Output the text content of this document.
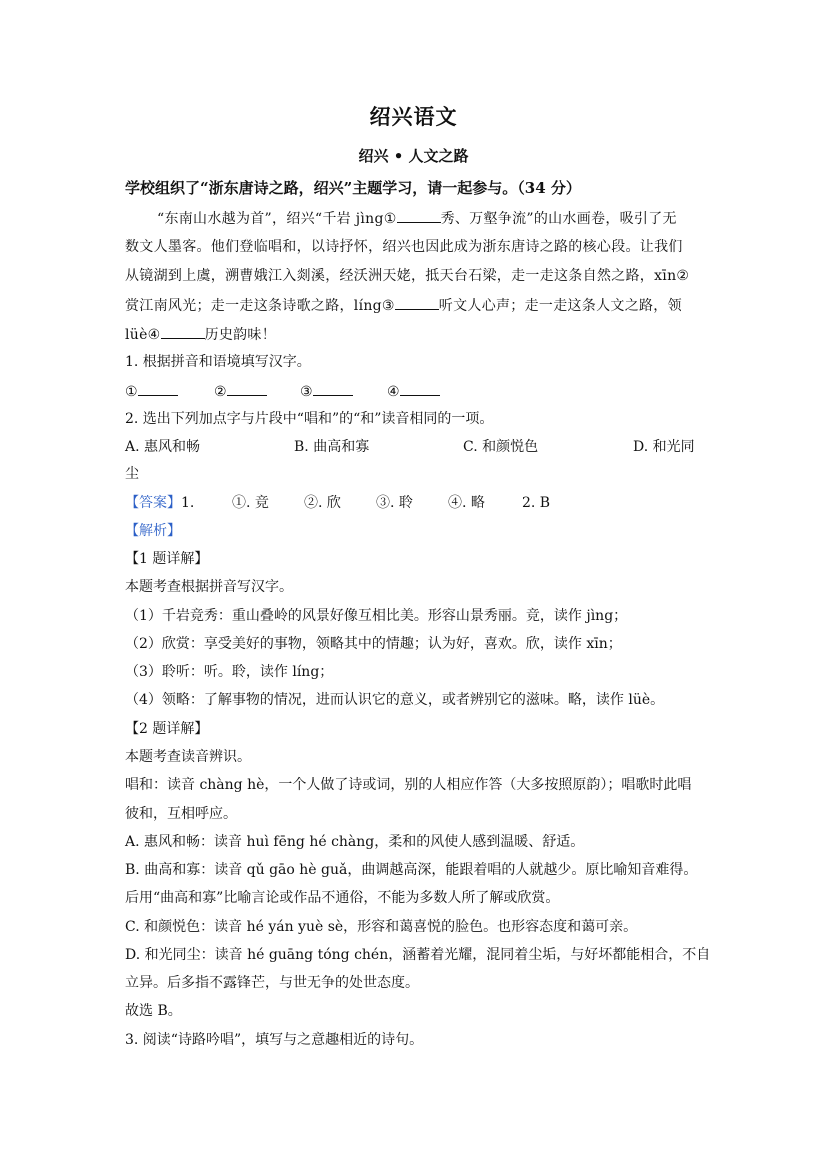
绍兴语文
绍兴 • 人文之路
学校组织了“浙东唐诗之路，绍兴”主题学习，请一起参与。（34 分）
“东南山水越为首”，绍兴“千岩 jìng①	秀、万壑争流”的山水画卷，吸引了无
数文人墨客。他们登临唱和，以诗抒怀，绍兴也因此成为浙东唐诗之路的核心段。让我们
从镜湖到上虞，溯曹娥江入剡溪，经沃洲天姥，抵天台石梁，走一走这条自然之路，xīn②
赏江南风光；走一走这条诗歌之路，líng③	听文人心声；走一走这条人文之路，领
lüè④	历史韵味！
1. 根据拼音和语境填写汉字。
①	②	③	④
2. 选出下列加点字与片段中“唱和”的“和”读音相同的一项。
A. 惠风和畅	B. 曲高和寡	C. 和颜悦色	D. 和光同
尘
【答案】1.	①. 竞	②. 欣	③. 聆	④. 略	2. B
【解析】
【1 题详解】
本题考查根据拼音写汉字。
（1）千岩竞秀：重山叠岭的风景好像互相比美。形容山景秀丽。竞，读作 jìng；
（2）欣赏：享受美好的事物，领略其中的情趣；认为好，喜欢。欣，读作 xīn；
（3）聆听：听。聆，读作 líng；
（4）领略：了解事物的情况，进而认识它的意义，或者辨别它的滋味。略，读作 lüè。
【2 题详解】
本题考查读音辨识。
唱和：读音 chàng hè，一个人做了诗或词，别的人相应作答（大多按照原韵）；唱歌时此唱
彼和，互相呼应。
A. 惠风和畅：读音 huì fēng hé chàng，柔和的风使人感到温暖、舒适。
B. 曲高和寡：读音 qǔ gāo hè guǎ，曲调越高深，能跟着唱的人就越少。原比喻知音难得。
后用“曲高和寡”比喻言论或作品不通俗，不能为多数人所了解或欣赏。
C. 和颜悦色：读音 hé yán yuè sè，形容和蔼喜悦的脸色。也形容态度和蔼可亲。
D. 和光同尘：读音 hé guāng tóng chén，涵蓄着光耀，混同着尘垢，与好坏都能相合，不自
立异。后多指不露锋芒，与世无争的处世态度。
故选 B。
3. 阅读“诗路吟唱”，填写与之意趣相近的诗句。
